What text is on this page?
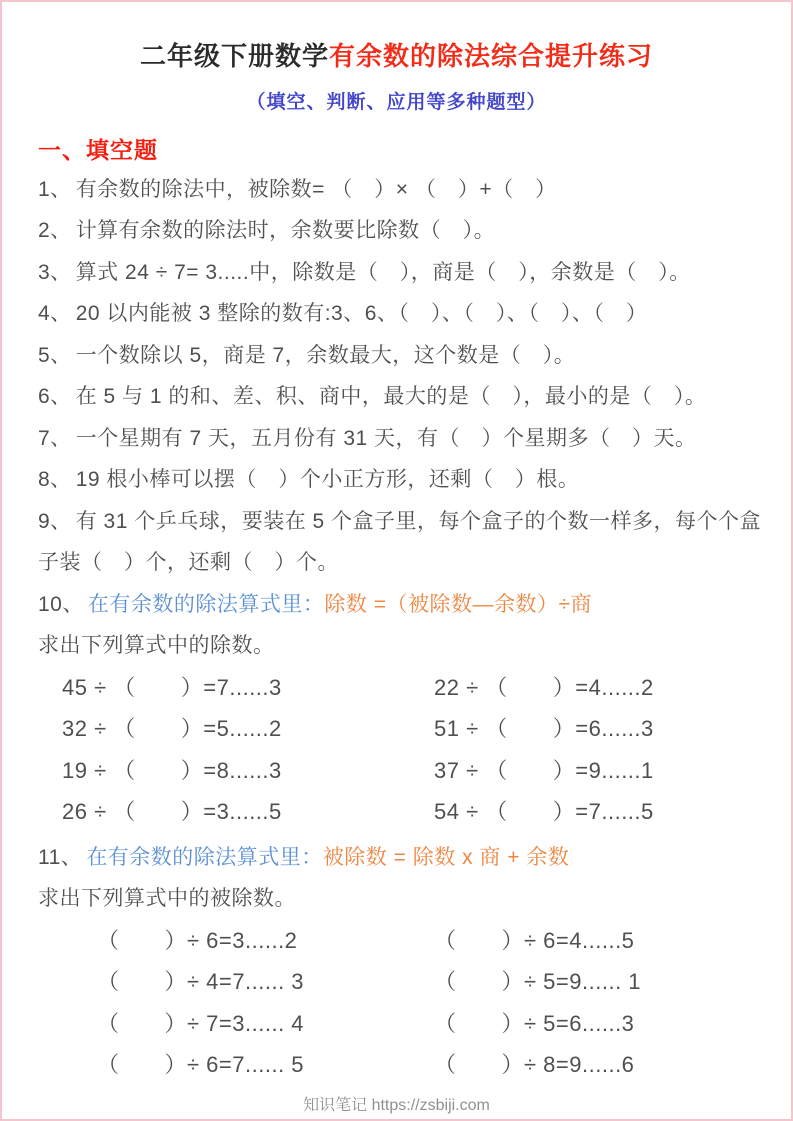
二年级下册数学有余数的除法综合提升练习
（填空、判断、应用等多种题型）
一、填空题

1、 有余数的除法中，被除数= （　）× （　）+（　）

2、 计算有余数的除法时，余数要比除数（　）。

3、 算式 24 ÷ 7= 3.....中，除数是（　），商是（　），余数是（　）。

4、 20 以内能被 3 整除的数有:3、6、（　）、（　）、（　）、（　）

5、 一个数除以 5，商是 7，余数最大，这个数是（　）。

6、 在 5 与 1 的和、差、积、商中，最大的是（　），最小的是（　）。

7、 一个星期有 7 天，五月份有 31 天，有（　）个星期多（　）天。

8、 19 根小棒可以摆（　）个小正方形，还剩（　）根。

9、 有 31 个乒乓球，要装在 5 个盒子里，每个盒子的个数一样多，每个个盒子装（　）个，还剩（　）个。

10、 在有余数的除法算式里：除数 =（被除数—余数）÷商

求出下列算式中的除数。

45 ÷ （　　）=7......3	22 ÷ （　　）=4......2
32 ÷ （　　）=5......2	51 ÷ （　　）=6......3
19 ÷ （　　）=8......3	37 ÷ （　　）=9......1
26 ÷ （　　）=3......5	54 ÷ （　　）=7......5

11、 在有余数的除法算式里：被除数 = 除数 x 商 + 余数

求出下列算式中的被除数。

（　　）÷ 6=3......2	（　　）÷ 6=4......5
（　　）÷ 4=7...... 3	（　　）÷ 5=9...... 1
（　　）÷ 7=3...... 4	（　　）÷ 5=6......3
（　　）÷ 6=7...... 5	（　　）÷ 8=9......6
知识笔记 https://zsbiji.com
